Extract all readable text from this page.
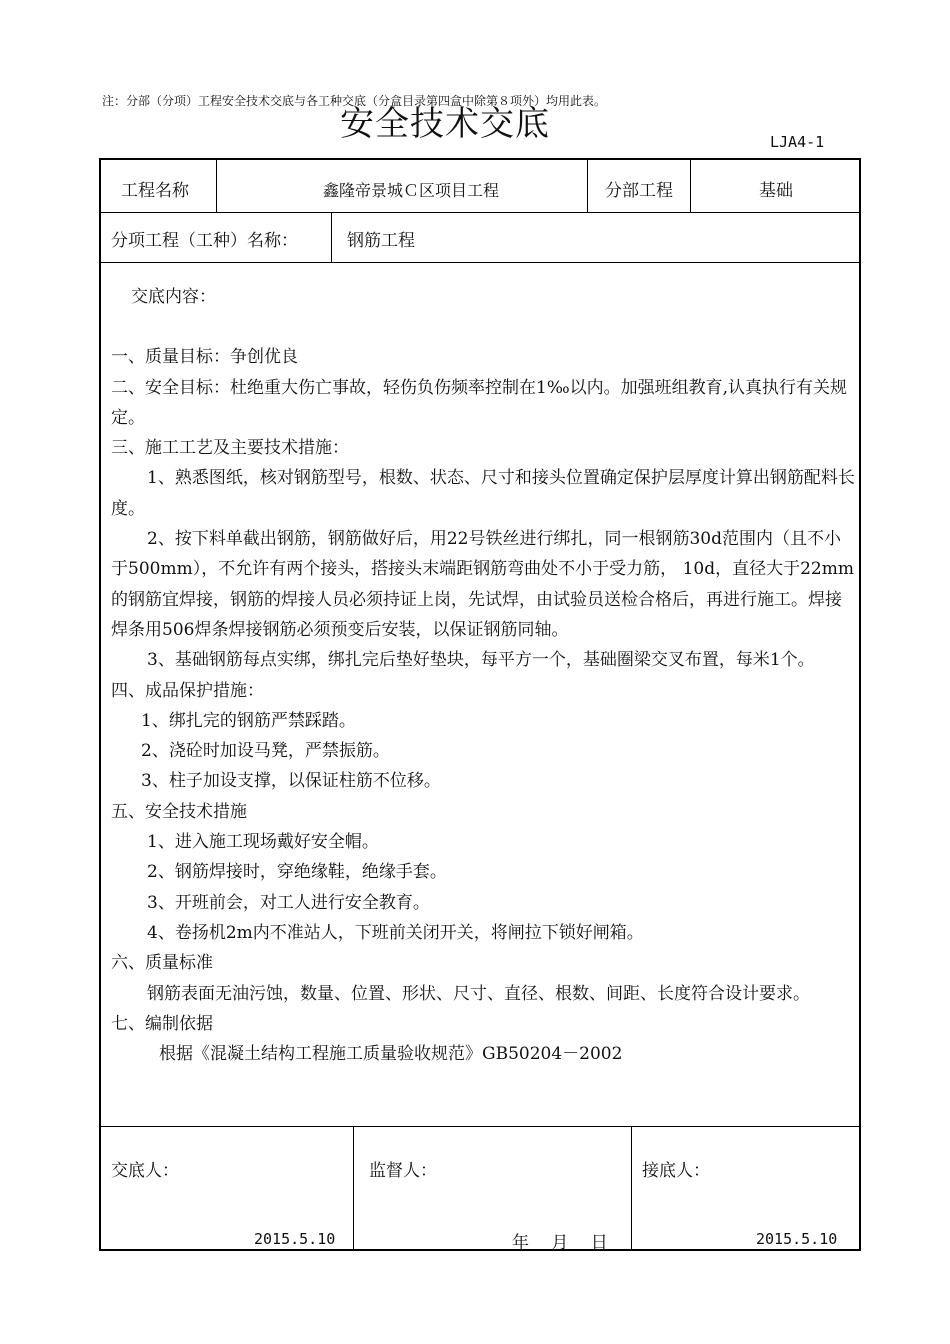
注：分部（分项）工程安全技术交底与各工种交底（分盒目录第四盒中除第８项外）均用此表。
安全技术交底	LJA4-1
工程名称	鑫隆帝景城Ｃ区项目工程	分部工程	基础
分项工程（工种）名称：	钢筋工程

交底内容：

一、质量目标：争创优良

二、安全目标：杜绝重大伤亡事故，轻伤负伤频率控制在1‰以内。加强班组教育,认真执行有关规定。

三、施工工艺及主要技术措施：

1、熟悉图纸，核对钢筋型号，根数、状态、尺寸和接头位置确定保护层厚度计算出钢筋配料长度。

2、按下料单截出钢筋，钢筋做好后，用22号铁丝进行绑扎，同一根钢筋30d范围内（且不小于500mm），不允许有两个接头，搭接头末端距钢筋弯曲处不小于受力筋， 10d，直径大于22mm的钢筋宜焊接，钢筋的焊接人员必须持证上岗，先试焊，由试验员送检合格后，再进行施工。焊接焊条用506焊条焊接钢筋必须预变后安装，以保证钢筋同轴。

3、基础钢筋每点实绑，绑扎完后垫好垫块，每平方一个，基础圈梁交叉布置，每米1个。

四、成品保护措施：

1、绑扎完的钢筋严禁踩踏。

2、浇砼时加设马凳，严禁振筋。

3、柱子加设支撑，以保证柱筋不位移。

五、安全技术措施

1、进入施工现场戴好安全帽。

2、钢筋焊接时，穿绝缘鞋，绝缘手套。

3、开班前会，对工人进行安全教育。

4、卷扬机2m内不准站人，下班前关闭开关，将闸拉下锁好闸箱。

六、质量标准

钢筋表面无油污蚀，数量、位置、形状、尺寸、直径、根数、间距、长度符合设计要求。

七、编制依据

根据《混凝土结构工程施工质量验收规范》GB50204－2002

交底人：	监督人：	接底人：
2015.5.10	年　 月　 日	2015.5.10
